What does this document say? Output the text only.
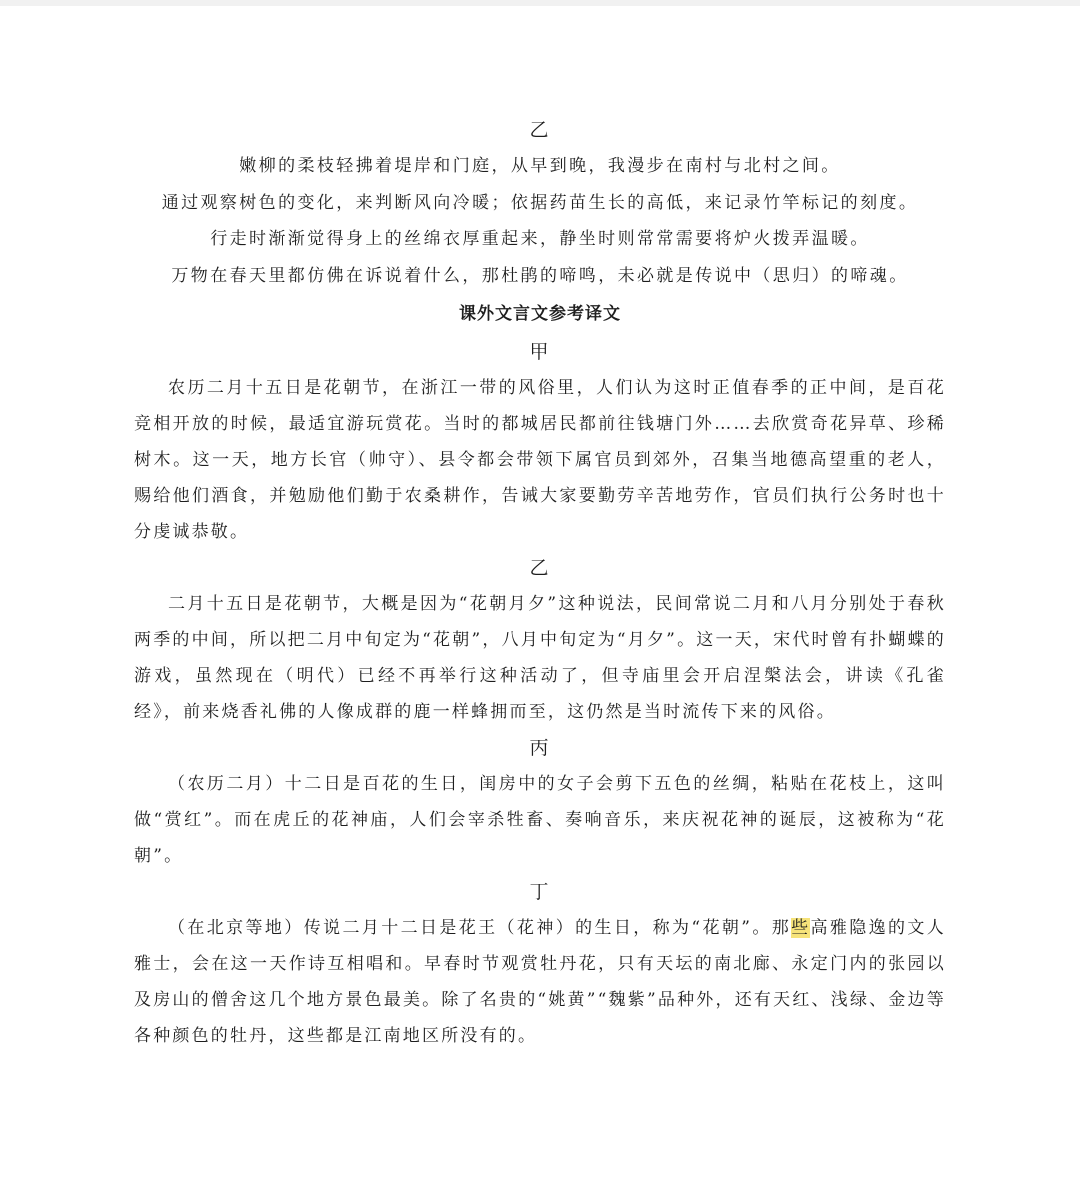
乙
嫩柳的柔枝轻拂着堤岸和门庭，从早到晚，我漫步在南村与北村之间。
通过观察树色的变化，来判断风向冷暖；依据药苗生长的高低，来记录竹竿标记的刻度。
行走时渐渐觉得身上的丝绵衣厚重起来，静坐时则常常需要将炉火拨弄温暖。
万物在春天里都仿佛在诉说着什么，那杜鹃的啼鸣，未必就是传说中（思归）的啼魂。
课外文言文参考译文
甲

农历二月十五日是花朝节，在浙江一带的风俗里，人们认为这时正值春季的正中间，是百花竞相开放的时候，最适宜游玩赏花。当时的都城居民都前往钱塘门外……去欣赏奇花异草、珍稀树木。这一天，地方长官（帅守）、县令都会带领下属官员到郊外，召集当地德高望重的老人，赐给他们酒食，并勉励他们勤于农桑耕作，告诫大家要勤劳辛苦地劳作，官员们执行公务时也十分虔诚恭敬。

乙

二月十五日是花朝节，大概是因为“花朝月夕”这种说法，民间常说二月和八月分别处于春秋两季的中间，所以把二月中旬定为“花朝”，八月中旬定为“月夕”。这一天，宋代时曾有扑蝴蝶的游戏，虽然现在（明代）已经不再举行这种活动了，但寺庙里会开启涅槃法会，讲读《孔雀经》，前来烧香礼佛的人像成群的鹿一样蜂拥而至，这仍然是当时流传下来的风俗。

丙

（农历二月）十二日是百花的生日，闺房中的女子会剪下五色的丝绸，粘贴在花枝上，这叫做“赏红”。而在虎丘的花神庙，人们会宰杀牲畜、奏响音乐，来庆祝花神的诞辰，这被称为“花朝”。

丁

（在北京等地）传说二月十二日是花王（花神）的生日，称为“花朝”。那些高雅隐逸的文人雅士，会在这一天作诗互相唱和。早春时节观赏牡丹花，只有天坛的南北廊、永定门内的张园以及房山的僧舍这几个地方景色最美。除了名贵的“姚黄”“魏紫”品种外，还有天红、浅绿、金边等各种颜色的牡丹，这些都是江南地区所没有的。
